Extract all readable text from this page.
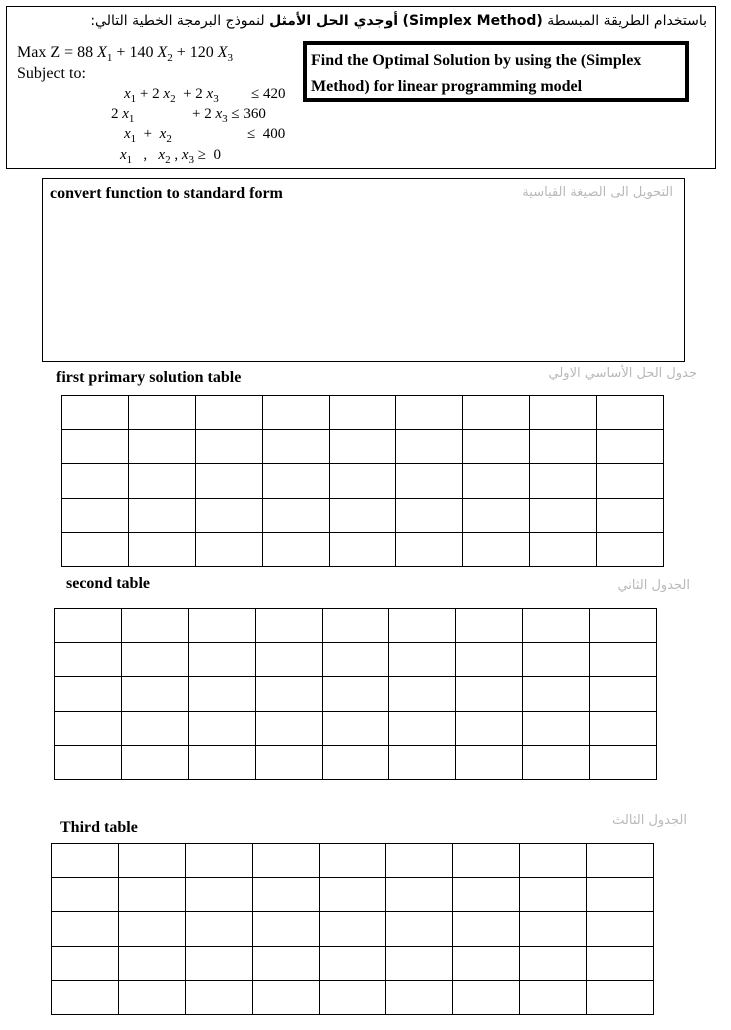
باستخدام الطريقة المبسطة (Simplex Method) أوجدي الحل الأمثل لنموذج البرمجة الخطية التالي:
Max Z = 88 $X_1 + 140$ $X_2 + 120$ $X_3$
Subject to:
$x_1 + 2$ $x_2 + 2$ $x_3 \le 420$
2 $x_1$	+ 2 $x_3 \le 360$
$x_1 + x_2$	≤ 400
$x_1$ , $x_2$ , $x_3 \ge 0$
Find the Optimal Solution by using the (Simplex Method) for linear programming model
convert function to standard form	التحويل الى الصيغة القياسية
first primary solution table	جدول الحل الأساسي الاولي

second table	الجدول الثاني

Third table	الجدول الثالث
